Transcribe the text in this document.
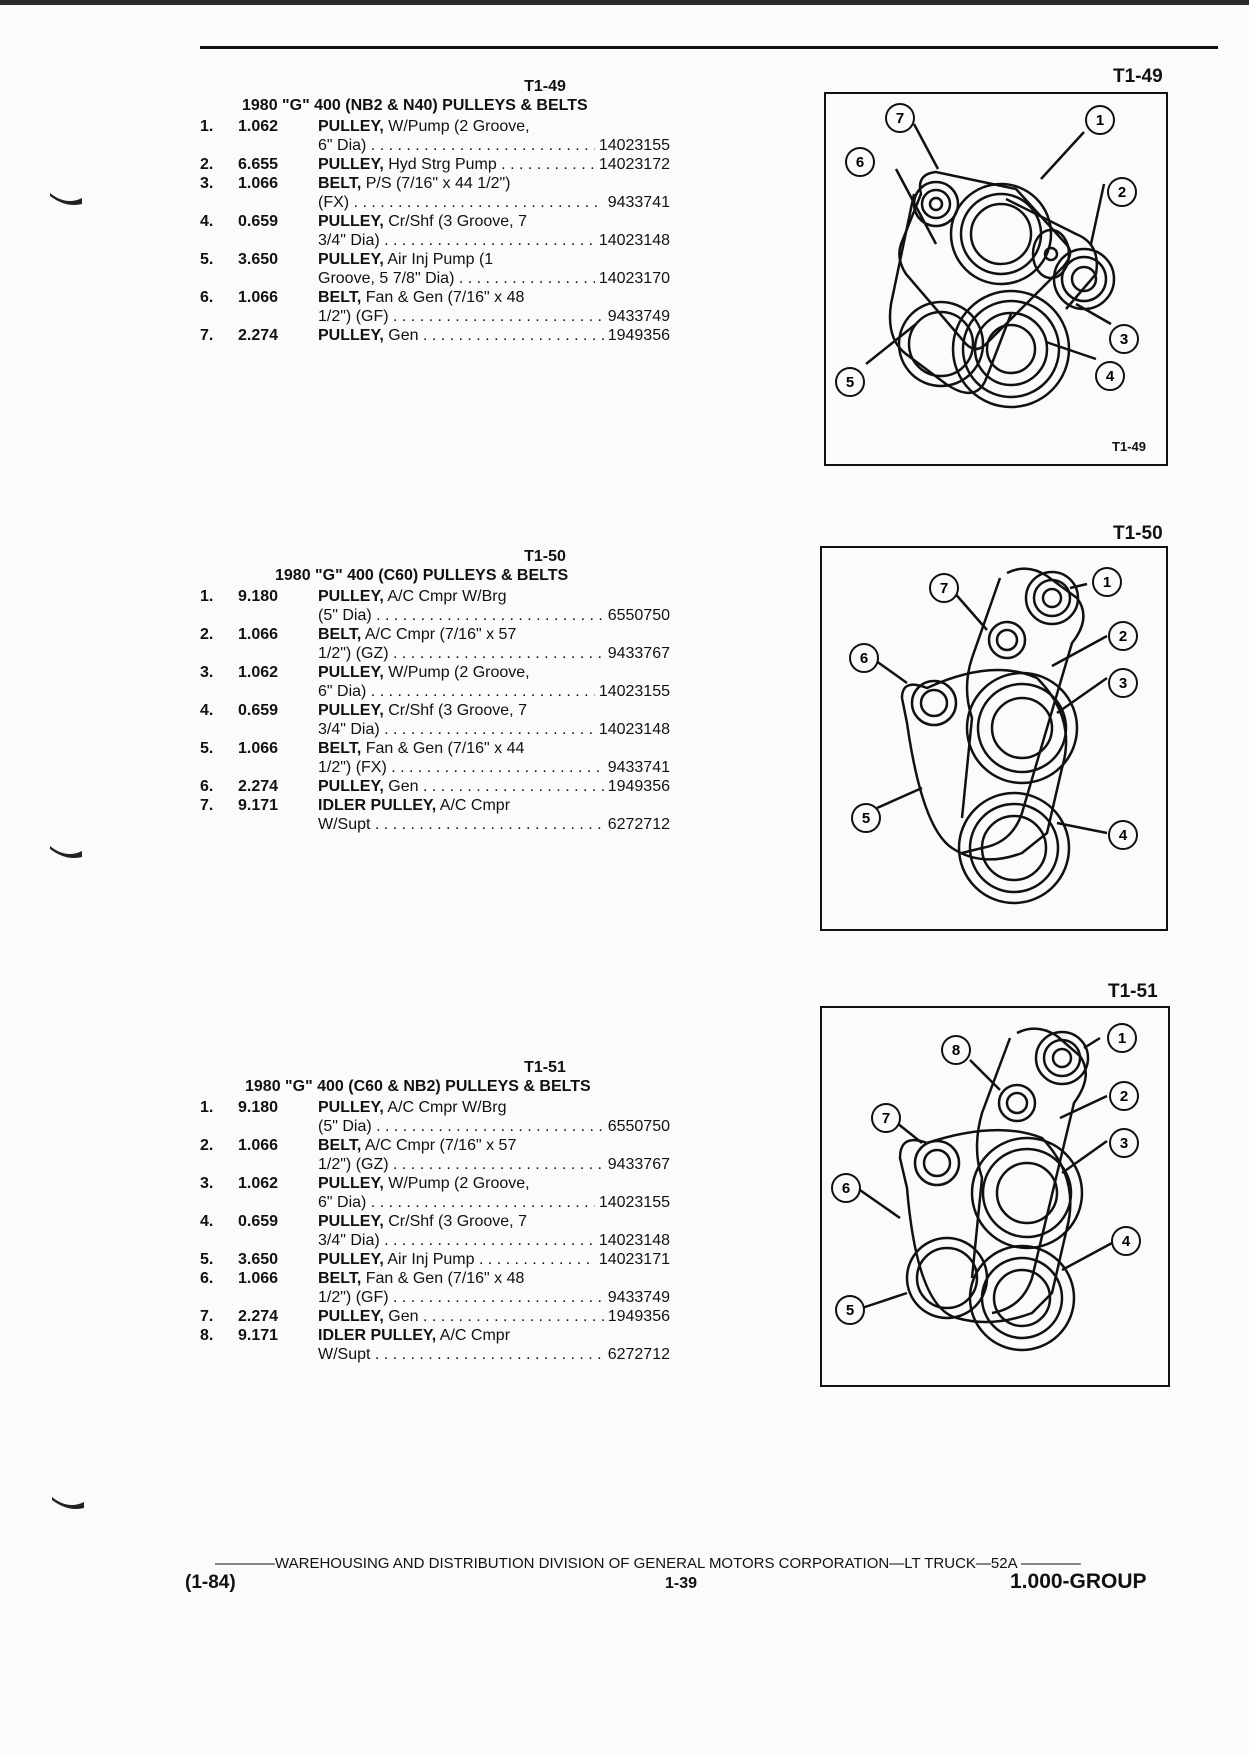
T1-49
1980 "G" 400 (NB2 & N40) PULLEYS & BELTS
1.	1.062	PULLEY, W/Pump (2 Groove,
6" Dia) . . .	14023155
2.	6.655	PULLEY, Hyd Strg Pump . . .	14023172
3.	1.066	BELT, P/S (7/16" x 44 1/2")
(FX) . . .	9433741
4.	0.659	PULLEY, Cr/Shf (3 Groove, 7
3/4" Dia) . . .	14023148
5.	3.650	PULLEY, Air Inj Pump (1
Groove, 5 7/8" Dia) . . .	14023170
6.	1.066	BELT, Fan & Gen (7/16" x 48
1/2") (GF) . . .	9433749
7.	2.274	PULLEY, Gen . . .	1949356
T1-50
1980 "G" 400 (C60) PULLEYS & BELTS
1.	9.180	PULLEY, A/C Cmpr W/Brg
(5" Dia) . . .	6550750
2.	1.066	BELT, A/C Cmpr (7/16" x 57
1/2") (GZ) . . .	9433767
3.	1.062	PULLEY, W/Pump (2 Groove,
6" Dia) . . .	14023155
4.	0.659	PULLEY, Cr/Shf (3 Groove, 7
3/4" Dia) . . .	14023148
5.	1.066	BELT, Fan & Gen (7/16" x 44
1/2") (FX) . . .	9433741
6.	2.274	PULLEY, Gen . . .	1949356
7.	9.171	IDLER PULLEY, A/C Cmpr
W/Supt . . .	6272712
T1-51
1980 "G" 400 (C60 & NB2) PULLEYS & BELTS
1.	9.180	PULLEY, A/C Cmpr W/Brg
(5" Dia) . . .	6550750
2.	1.066	BELT, A/C Cmpr (7/16" x 57
1/2") (GZ) . . .	9433767
3.	1.062	PULLEY, W/Pump (2 Groove,
6" Dia) . . .	14023155
4.	0.659	PULLEY, Cr/Shf (3 Groove, 7
3/4" Dia) . . .	14023148
5.	3.650	PULLEY, Air Inj Pump . . .	14023171
6.	1.066	BELT, Fan & Gen (7/16" x 48
1/2") (GF) . . .	9433749
7.	2.274	PULLEY, Gen . . .	1949356
8.	9.171	IDLER PULLEY, A/C Cmpr
W/Supt . . .	6272712
T1-49
1
2
3
4
5
6
7
T1-49
T1-50
1
2
3
4
5
6
7
T1-51
1
2
3
4
5
6
7
8
————WAREHOUSING AND DISTRIBUTION DIVISION OF GENERAL MOTORS CORPORATION—LT TRUCK—52A ————
(1-84)	1-39	1.000-GROUP
